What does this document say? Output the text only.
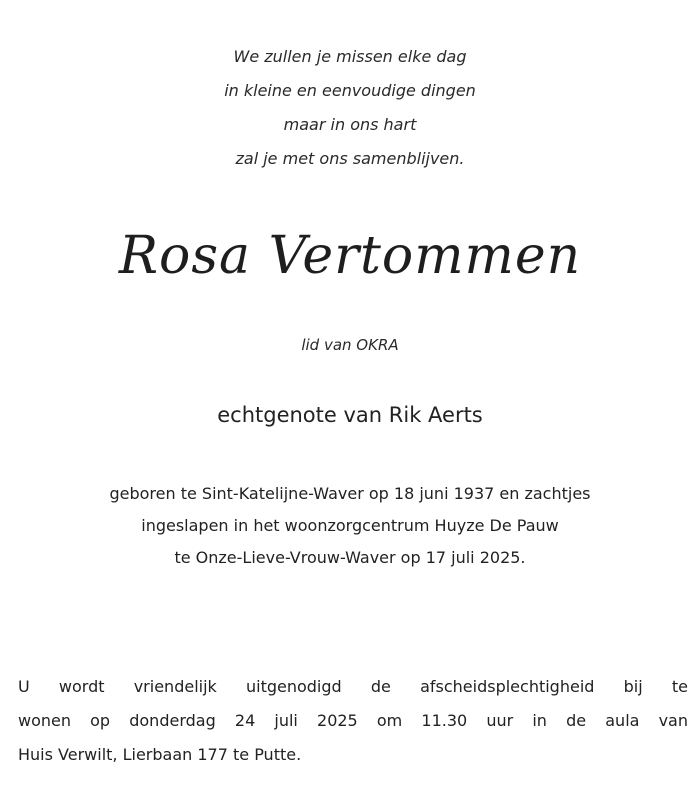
We zullen je missen elke dag
in kleine en eenvoudige dingen
maar in ons hart
zal je met ons samenblijven.
Rosa Vertommen
lid van OKRA
echtgenote van Rik Aerts
geboren te Sint-Katelijne-Waver op 18 juni 1937 en zachtjes
ingeslapen in het woonzorgcentrum Huyze De Pauw
te Onze-Lieve-Vrouw-Waver op 17 juli 2025.
U wordt vriendelijk uitgenodigd de afscheidsplechtigheid bij te
wonen op donderdag 24 juli 2025 om 11.30 uur in de aula van
Huis Verwilt, Lierbaan 177 te Putte.
